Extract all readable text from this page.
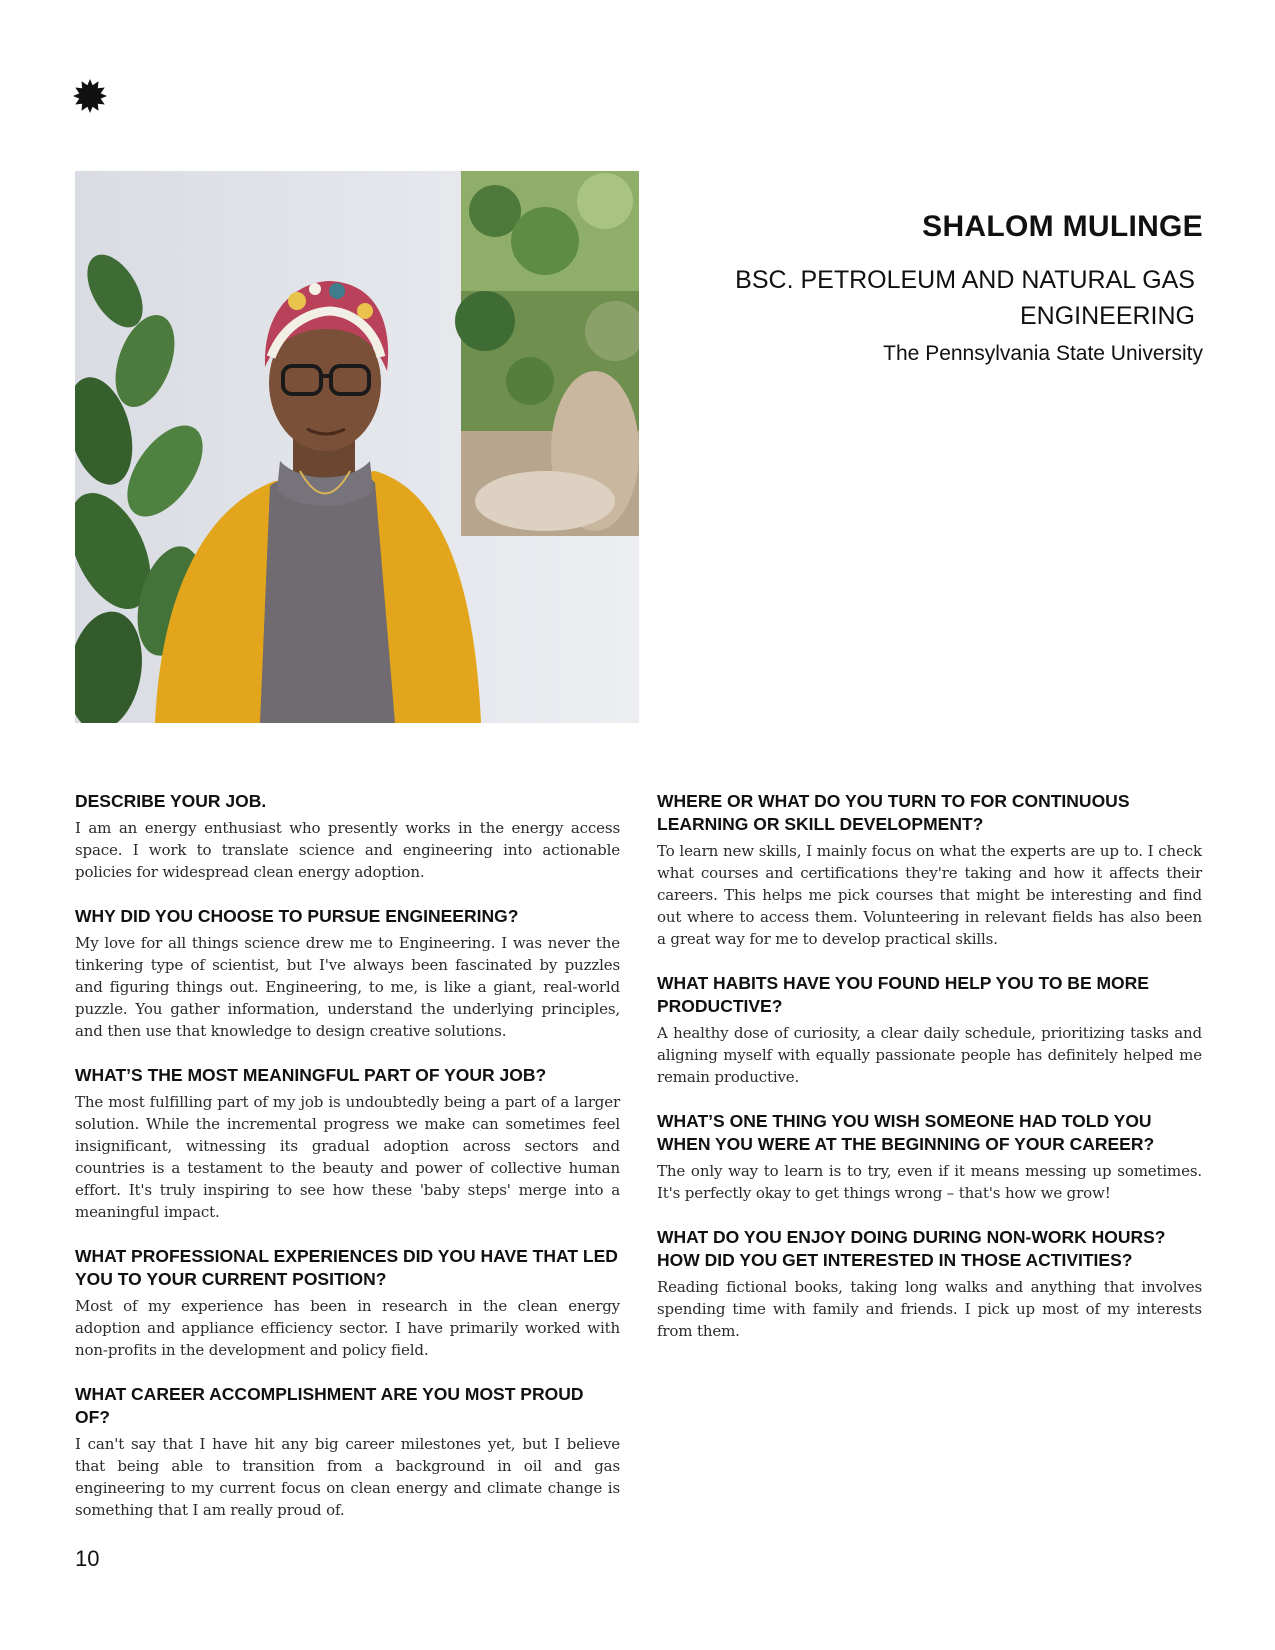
SHALOM MULINGE

BSC. PETROLEUM AND NATURAL GAS
ENGINEERING

The Pennsylvania State University

DESCRIBE YOUR JOB.

I am an energy enthusiast who presently works in the energy access space. I work to translate science and engineering into actionable policies for widespread clean energy adoption.

WHY DID YOU CHOOSE TO PURSUE ENGINEERING?

My love for all things science drew me to Engineering. I was never the tinkering type of scientist, but I've always been fascinated by puzzles and figuring things out. Engineering, to me, is like a giant, real-world puzzle. You gather information, understand the underlying principles, and then use that knowledge to design creative solutions.

WHAT’S THE MOST MEANINGFUL PART OF YOUR JOB?

The most fulfilling part of my job is undoubtedly being a part of a larger solution. While the incremental progress we make can sometimes feel insignificant, witnessing its gradual adoption across sectors and countries is a testament to the beauty and power of collective human effort. It's truly inspiring to see how these 'baby steps' merge into a meaningful impact.

WHAT PROFESSIONAL EXPERIENCES DID YOU HAVE THAT LED YOU TO YOUR CURRENT POSITION?

Most of my experience has been in research in the clean energy adoption and appliance efficiency sector. I have primarily worked with non-profits in the development and policy field.

WHAT CAREER ACCOMPLISHMENT ARE YOU MOST PROUD OF?

I can't say that I have hit any big career milestones yet, but I believe that being able to transition from a background in oil and gas engineering to my current focus on clean energy and climate change is something that I am really proud of.

WHERE OR WHAT DO YOU TURN TO FOR CONTINUOUS LEARNING OR SKILL DEVELOPMENT?

To learn new skills, I mainly focus on what the experts are up to. I check what courses and certifications they're taking and how it affects their careers. This helps me pick courses that might be interesting and find out where to access them. Volunteering in relevant fields has also been a great way for me to develop practical skills.

WHAT HABITS HAVE YOU FOUND HELP YOU TO BE MORE PRODUCTIVE?

A healthy dose of curiosity, a clear daily schedule, prioritizing tasks and aligning myself with equally passionate people has definitely helped me remain productive.

WHAT’S ONE THING YOU WISH SOMEONE HAD TOLD YOU WHEN YOU WERE AT THE BEGINNING OF YOUR CAREER?

The only way to learn is to try, even if it means messing up sometimes. It's perfectly okay to get things wrong – that's how we grow!

WHAT DO YOU ENJOY DOING DURING NON-WORK HOURS? HOW DID YOU GET INTERESTED IN THOSE ACTIVITIES?

Reading fictional books, taking long walks and anything that involves spending time with family and friends. I pick up most of my interests from them.

10
